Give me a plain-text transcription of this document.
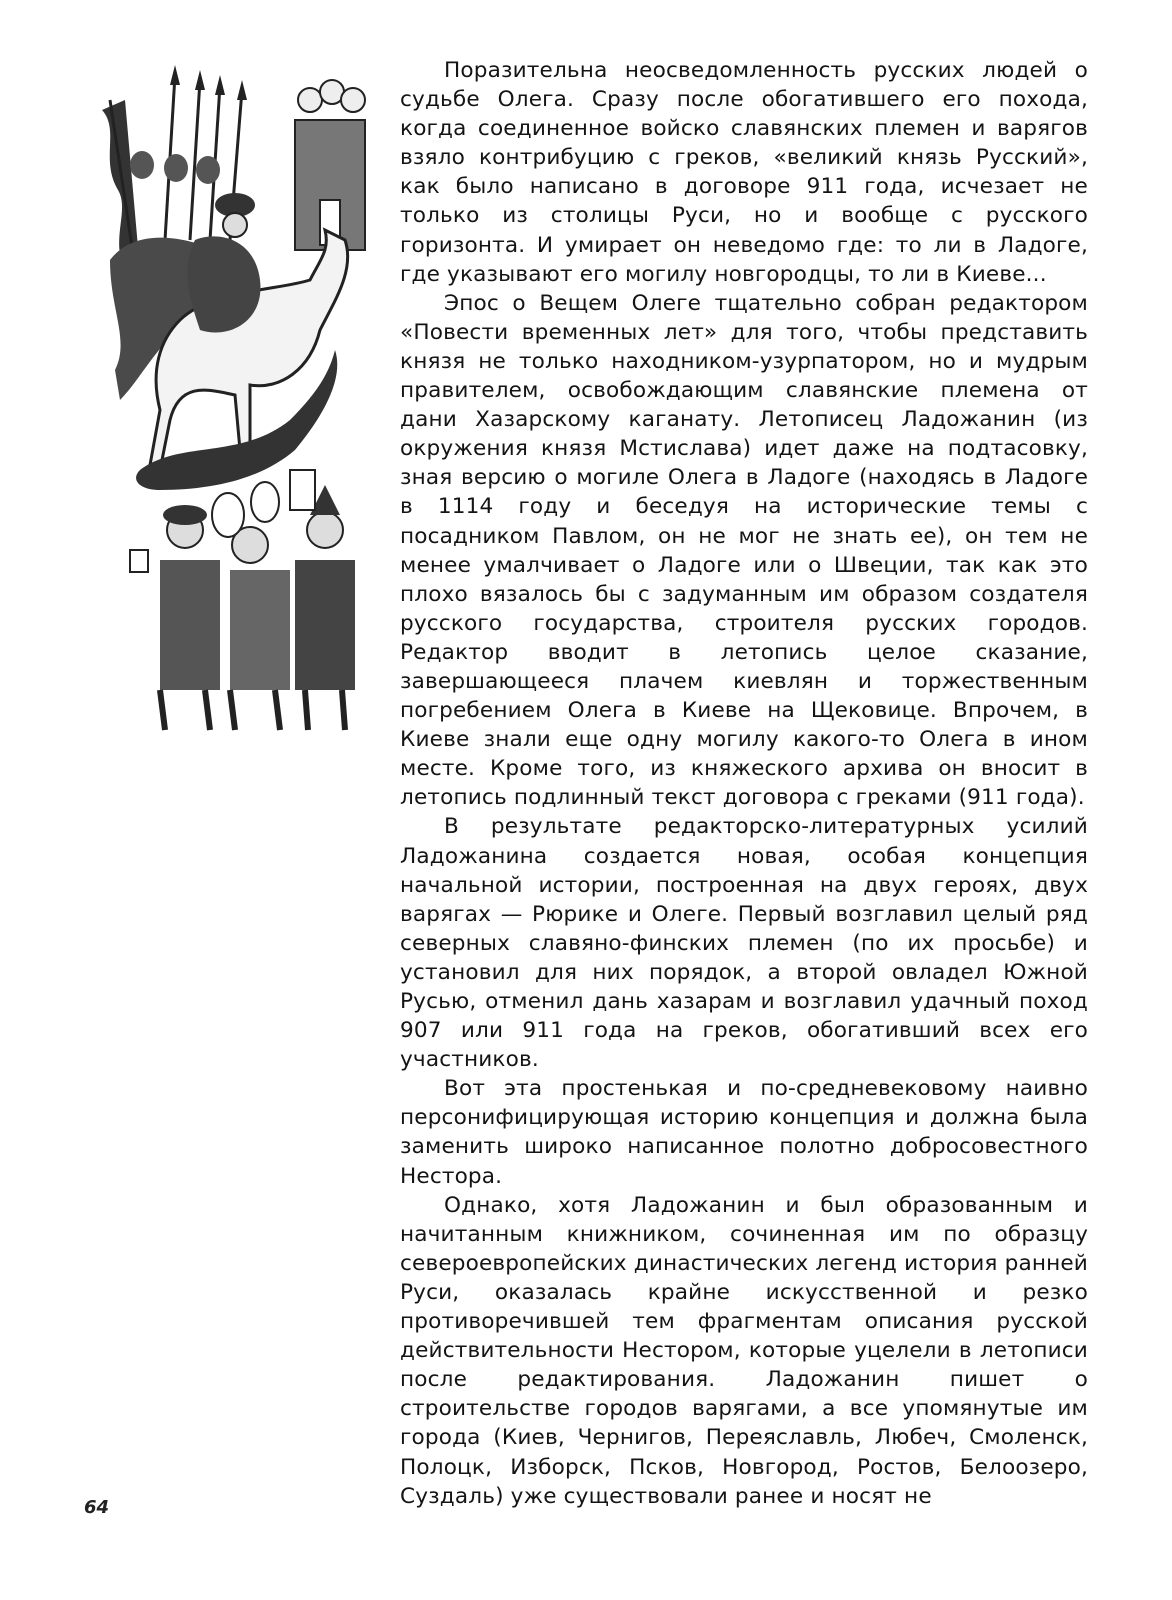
Поразительна неосведомленность русских людей о судьбе Олега. Сразу после обогатившего его похода, когда соединенное войско славянских племен и варягов взяло контрибуцию с греков, «великий князь Русский», как было написано в договоре 911 года, исчезает не только из столицы Руси, но и вообще с русского горизонта. И умирает он неведомо где: то ли в Ладоге, где указывают его могилу новгородцы, то ли в Киеве...

Эпос о Вещем Олеге тщательно собран редактором «Повести временных лет» для того, чтобы представить князя не только находником-узурпатором, но и мудрым правителем, освобождающим славянские племена от дани Хазарскому каганату. Летописец Ладожанин (из окружения князя Мстислава) идет даже на подтасовку, зная версию о могиле Олега в Ладоге (находясь в Ладоге в 1114 году и беседуя на исторические темы с посадником Павлом, он не мог не знать ее), он тем не менее умалчивает о Ладоге или о Швеции, так как это плохо вязалось бы с задуманным им образом создателя русского государства, строителя русских городов. Редактор вводит в летопись целое сказание, завершающееся плачем киевлян и торжественным погребением Олега в Киеве на Щековице. Впрочем, в Киеве знали еще одну могилу какого-то Олега в ином месте. Кроме того, из княжеского архива он вносит в летопись подлинный текст договора с греками (911 года).

В результате редакторско-литературных усилий Ладожанина создается новая, особая концепция начальной истории, построенная на двух героях, двух варягах — Рюрике и Олеге. Первый возглавил целый ряд северных славяно-финских племен (по их просьбе) и установил для них порядок, а второй овладел Южной Русью, отменил дань хазарам и возглавил удачный поход 907 или 911 года на греков, обогативший всех его участников.

Вот эта простенькая и по-средневековому наивно персонифицирующая историю концепция и должна была заменить широко написанное полотно добросовестного Нестора.

Однако, хотя Ладожанин и был образованным и начитанным книжником, сочиненная им по образцу североевропейских династических легенд история ранней Руси, оказалась крайне искусственной и резко противоречившей тем фрагментам описания русской действительности Нестором, которые уцелели в летописи после редактирования. Ладожанин пишет о строительстве городов варягами, а все упомянутые им города (Киев, Чернигов, Переяславль, Любеч, Смоленск, Полоцк, Изборск, Псков, Новгород, Ростов, Белоозеро, Суздаль) уже существовали ранее и носят не

64
